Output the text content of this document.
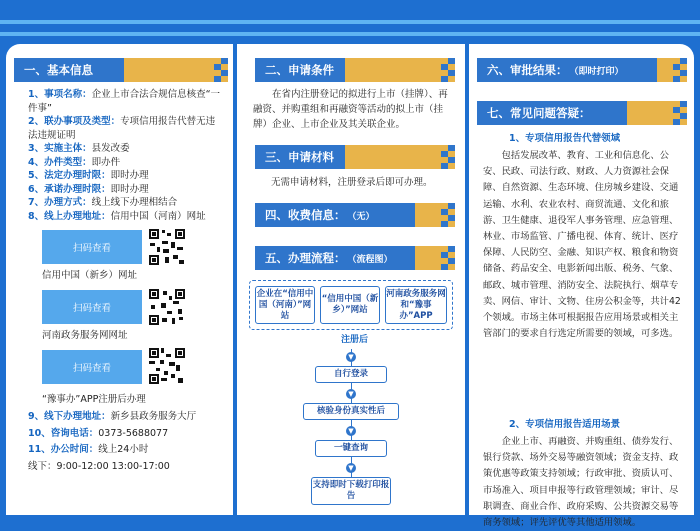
一、基本信息
1、事项名称：企业上市合法合规信息核查“一件事”
2、联办事项及类型：专项信用报告代替无违法违规证明
3、实施主体：县发改委
4、办件类型：即办件
5、法定办理时限：即时办理
6、承诺办理时限：即时办理
7、办理方式：线上线下办理相结合
8、线上办理地址：信用中国（河南）网址
扫码查看
信用中国（新乡）网址
扫码查看
河南政务服务网网址
扫码查看
“豫事办”APP注册后办理
9、线下办理地址：新乡县政务服务大厅
10、咨询电话：0373-5688077
11、办公时间：线上24小时
线下：9:00-12:00 13:00-17:00
二、申请条件
在省内注册登记的拟进行上市（挂牌）、再融资、并购重组和再融资等活动的拟上市（挂牌）企业、上市企业及其关联企业。
三、申请材料
无需申请材料，注册登录后即可办理。
四、收费信息： （无）
五、办理流程： （流程图）
企业在“信用中国（河南）”网站
“信用中国（新乡）”网站
河南政务服务网和“豫事办”APP
注册后
▼
自行登录
▼
核验身份真实性后
▼
一键查询
▼
支持即时下载打印报告
六、审批结果： （即时打印）
七、常见问题答疑：
1、专项信用报告代替领域
包括发展改革、教育、工业和信息化、公安、民政、司法行政、财政、人力资源社会保障、自然资源、生态环境、住房城乡建设、交通运输、水利、农业农村、商贸流通、文化和旅游、卫生健康、退役军人事务管理、应急管理、林业、市场监管、广播电视、体育、统计、医疗保障、人民防空、金融、知识产权、粮食和物资储备、药品安全、电影新闻出版、税务、气象、邮政、城市管理、消防安全、法院执行、烟草专卖、网信、审计、文物、住房公积金等，共计42个领域。市场主体可根据报告应用场景或相关主管部门的要求自行选定所需要的领域，可多选。
2、专项信用报告适用场景
企业上市、再融资、并购重组、债券发行、银行贷款、场外交易等融资领域；资金支持、政策优惠等政策支持领域；行政审批、资质认可、市场准入、项目申报等行政管理领域；审计、尽职调查、商业合作、政府采购、公共资源交易等商务领域；评先评优等其他适用领域。
